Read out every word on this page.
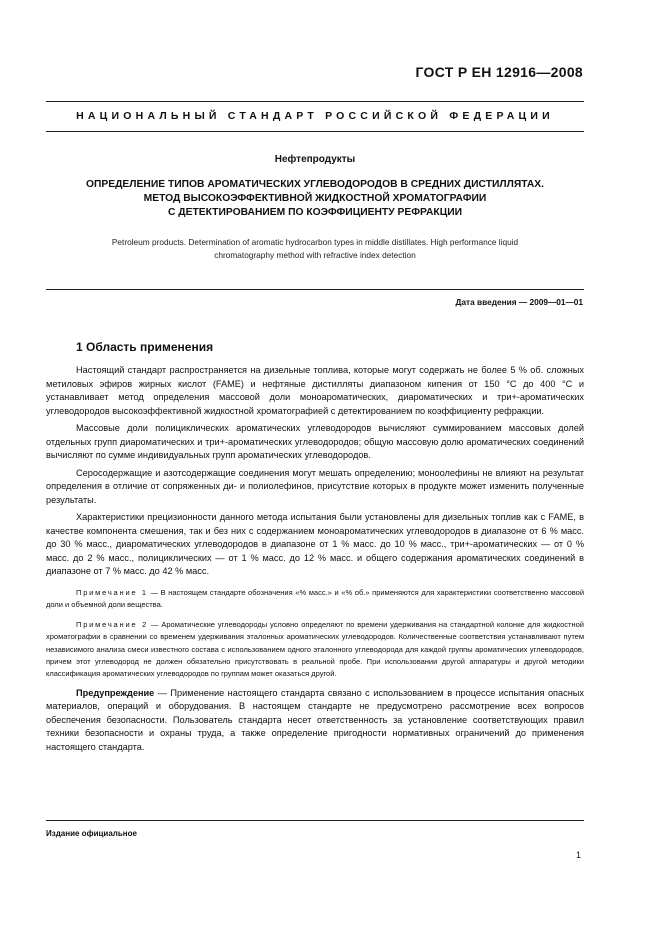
ГОСТ Р ЕН 12916—2008
НАЦИОНАЛЬНЫЙ СТАНДАРТ РОССИЙСКОЙ ФЕДЕРАЦИИ
Нефтепродукты
ОПРЕДЕЛЕНИЕ ТИПОВ АРОМАТИЧЕСКИХ УГЛЕВОДОРОДОВ В СРЕДНИХ ДИСТИЛЛЯТАХ.
МЕТОД ВЫСОКОЭФФЕКТИВНОЙ ЖИДКОСТНОЙ ХРОМАТОГРАФИИ
С ДЕТЕКТИРОВАНИЕМ ПО КОЭФФИЦИЕНТУ РЕФРАКЦИИ
Petroleum products. Determination of aromatic hydrocarbon types in middle distillates. High performance liquid
chromatography method with refractive index detection
Дата введения — 2009—01—01
1 Область применения

Настоящий стандарт распространяется на дизельные топлива, которые могут содержать не более 5 % об. сложных метиловых эфиров жирных кислот (FAME) и нефтяные дистилляты диапазоном кипения от 150 °С до 400 °С и устанавливает метод определения массовой доли моноароматических, диароматических и три+-ароматических углеводородов высокоэффективной жидкостной хроматографией с детектированием по коэффициенту рефракции.

Массовые доли полициклических ароматических углеводородов вычисляют суммированием массовых долей отдельных групп диароматических и три+-ароматических углеводородов; общую массовую долю ароматических соединений вычисляют по сумме индивидуальных групп ароматических углеводородов.

Серосодержащие и азотсодержащие соединения могут мешать определению; моноолефины не влияют на результат определения в отличие от сопряженных ди- и полиолефинов, присутствие которых в продукте может изменить полученные результаты.

Характеристики прецизионности данного метода испытания были установлены для дизельных топлив как с FAME, в качестве компонента смешения, так и без них с содержанием моноароматических углеводородов в диапазоне от 6 % масс. до 30 % масс., диароматических углеводородов в диапазоне от 1 % масс. до 10 % масс., три+-ароматических — от 0 % масс. до 2 % масс., полициклических — от 1 % масс. до 12 % масс. и общего содержания ароматических соединений в диапазоне от 7 % масс. до 42 % масс.

Примечание 1 — В настоящем стандарте обозначения «% масс.» и «% об.» применяются для характеристики соответственно массовой доли и объемной доли вещества.

Примечание 2 — Ароматические углеводороды условно определяют по времени удерживания на стандартной колонке для жидкостной хроматографии в сравнении со временем удерживания эталонных ароматических углеводородов. Количественные соответствия устанавливают путем независимого анализа смеси известного состава с использованием одного эталонного углеводорода для каждой группы ароматических углеводородов, причем этот углеводород не должен обязательно присутствовать в реальной пробе. При использовании другой аппаратуры и другой методики классификация ароматических углеводородов по группам может оказаться другой.

Предупреждение — Применение настоящего стандарта связано с использованием в процессе испытания опасных материалов, операций и оборудования. В настоящем стандарте не предусмотрено рассмотрение всех вопросов обеспечения безопасности. Пользователь стандарта несет ответственность за установление соответствующих правил техники безопасности и охраны труда, а также определение пригодности нормативных ограничений до применения настоящего стандарта.

Издание официальное
1
